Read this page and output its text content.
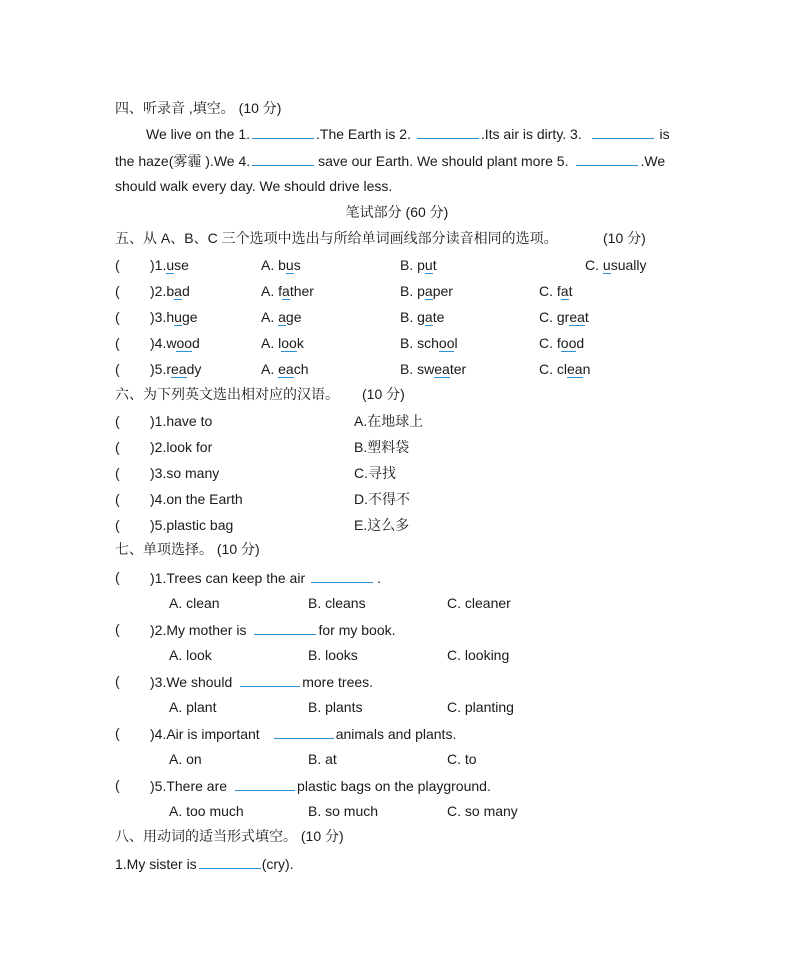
四、听录音 ,填空。 (10 分)
We live on the 1.	.The Earth is 2.	.Its air is dirty. 3.	is
the haze(雾霾 ).We 4.	save our Earth. We should plant more 5.	.We
should walk every day. We should drive less.
笔试部分 (60 分)
五、从 A、B、C 三个选项中选出与所给单词画线部分读音相同的选项。	(10 分)
( )1.use	A. bus	B. put	C. usually
( )2.bad	A. father	B. paper	C. fat
( )3.huge	A. age	B. gate	C. great
( )4.wood	A. look	B. school	C. food
( )5.ready	A. each	B. sweater	C. clean
六、为下列英文选出相对应的汉语。 (10 分)
( )1.have to	A.在地球上
( )2.look for	B.塑料袋
( )3.so many	C.寻找
( )4.on the Earth	D.不得不
( )5.plastic bag	E.这么多
七、单项选择。 (10 分)
( )1.Trees can keep the air	.
A. clean	B. cleans	C. cleaner
( )2.My mother is	for my book.
A. look	B. looks	C. looking
( )3.We should	more trees.
A. plant	B. plants	C. planting
( )4.Air is important	animals and plants.
A. on	B. at	C. to
( )5.There are	plastic bags on the playground.
A. too much	B. so much	C. so many
八、用动词的适当形式填空。 (10 分)
1.My sister is	(cry).
